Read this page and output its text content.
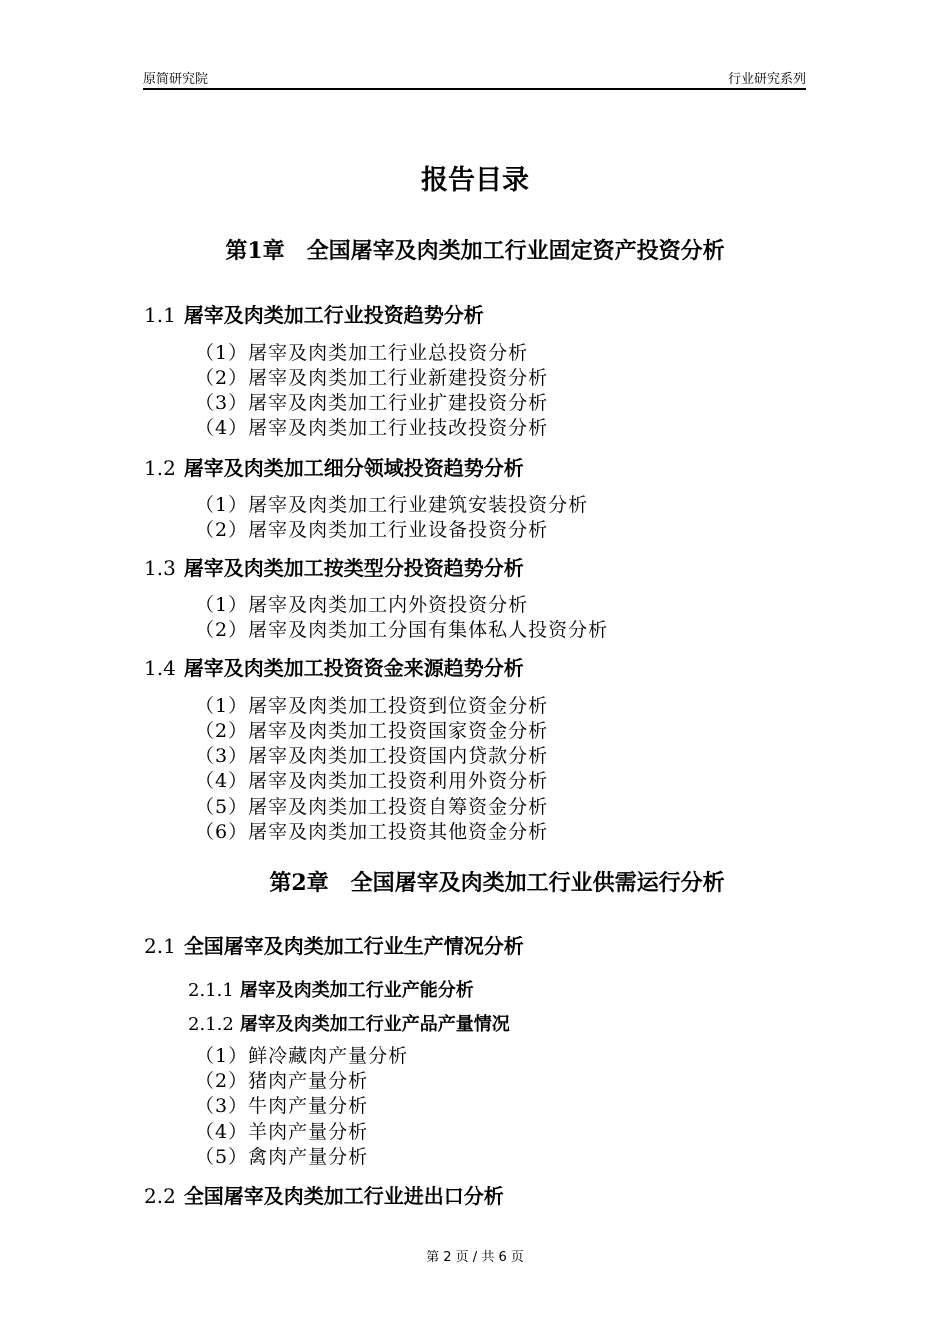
原简研究院	行业研究系列
报告目录
第1章 全国屠宰及肉类加工行业固定资产投资分析
1.1 屠宰及肉类加工行业投资趋势分析
（1）屠宰及肉类加工行业总投资分析
（2）屠宰及肉类加工行业新建投资分析
（3）屠宰及肉类加工行业扩建投资分析
（4）屠宰及肉类加工行业技改投资分析
1.2 屠宰及肉类加工细分领域投资趋势分析
（1）屠宰及肉类加工行业建筑安装投资分析
（2）屠宰及肉类加工行业设备投资分析
1.3 屠宰及肉类加工按类型分投资趋势分析
（1）屠宰及肉类加工内外资投资分析
（2）屠宰及肉类加工分国有集体私人投资分析
1.4 屠宰及肉类加工投资资金来源趋势分析
（1）屠宰及肉类加工投资到位资金分析
（2）屠宰及肉类加工投资国家资金分析
（3）屠宰及肉类加工投资国内贷款分析
（4）屠宰及肉类加工投资利用外资分析
（5）屠宰及肉类加工投资自筹资金分析
（6）屠宰及肉类加工投资其他资金分析
第2章 全国屠宰及肉类加工行业供需运行分析
2.1 全国屠宰及肉类加工行业生产情况分析
2.1.1 屠宰及肉类加工行业产能分析
2.1.2 屠宰及肉类加工行业产品产量情况
（1）鲜冷藏肉产量分析
（2）猪肉产量分析
（3）牛肉产量分析
（4）羊肉产量分析
（5）禽肉产量分析
2.2 全国屠宰及肉类加工行业进出口分析
第 2 页 / 共 6 页
